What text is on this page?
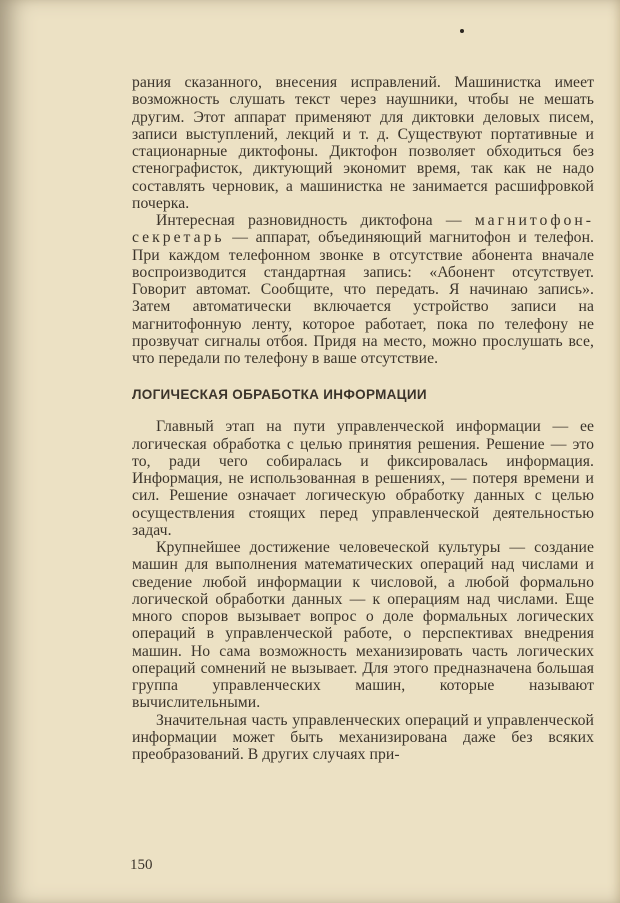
рания сказанного, внесения исправлений. Машинистка имеет возможность слушать текст через наушники, чтобы не мешать другим. Этот аппарат применяют для диктовки деловых писем, записи выступлений, лекций и т. д. Существуют портативные и стационарные диктофоны. Диктофон позволяет обходиться без стенографисток, диктующий экономит время, так как не надо составлять черновик, а машинистка не занимается расшифровкой почерка.

Интересная разновидность диктофона — магнитофон-секретарь — аппарат, объединяющий магнитофон и телефон. При каждом телефонном звонке в отсутствие абонента вначале воспроизводится стандартная запись: «Абонент отсутствует. Говорит автомат. Сообщите, что передать. Я начинаю запись». Затем автоматически включается устройство записи на магнитофонную ленту, которое работает, пока по телефону не прозвучат сигналы отбоя. Придя на место, можно прослушать все, что передали по телефону в ваше отсутствие.

ЛОГИЧЕСКАЯ ОБРАБОТКА ИНФОРМАЦИИ

Главный этап на пути управленческой информации — ее логическая обработка с целью принятия решения. Решение — это то, ради чего собиралась и фиксировалась информация. Информация, не использованная в решениях, — потеря времени и сил. Решение означает логическую обработку данных с целью осуществления стоящих перед управленческой деятельностью задач.

Крупнейшее достижение человеческой культуры — создание машин для выполнения математических операций над числами и сведение любой информации к числовой, а любой формально логической обработки данных — к операциям над числами. Еще много споров вызывает вопрос о доле формальных логических операций в управленческой работе, о перспективах внедрения машин. Но сама возможность механизировать часть логических операций сомнений не вызывает. Для этого предназначена большая группа управленческих машин, которые называют вычислительными.

Значительная часть управленческих операций и управленческой информации может быть механизирована даже без всяких преобразований. В других случаях при-

150
